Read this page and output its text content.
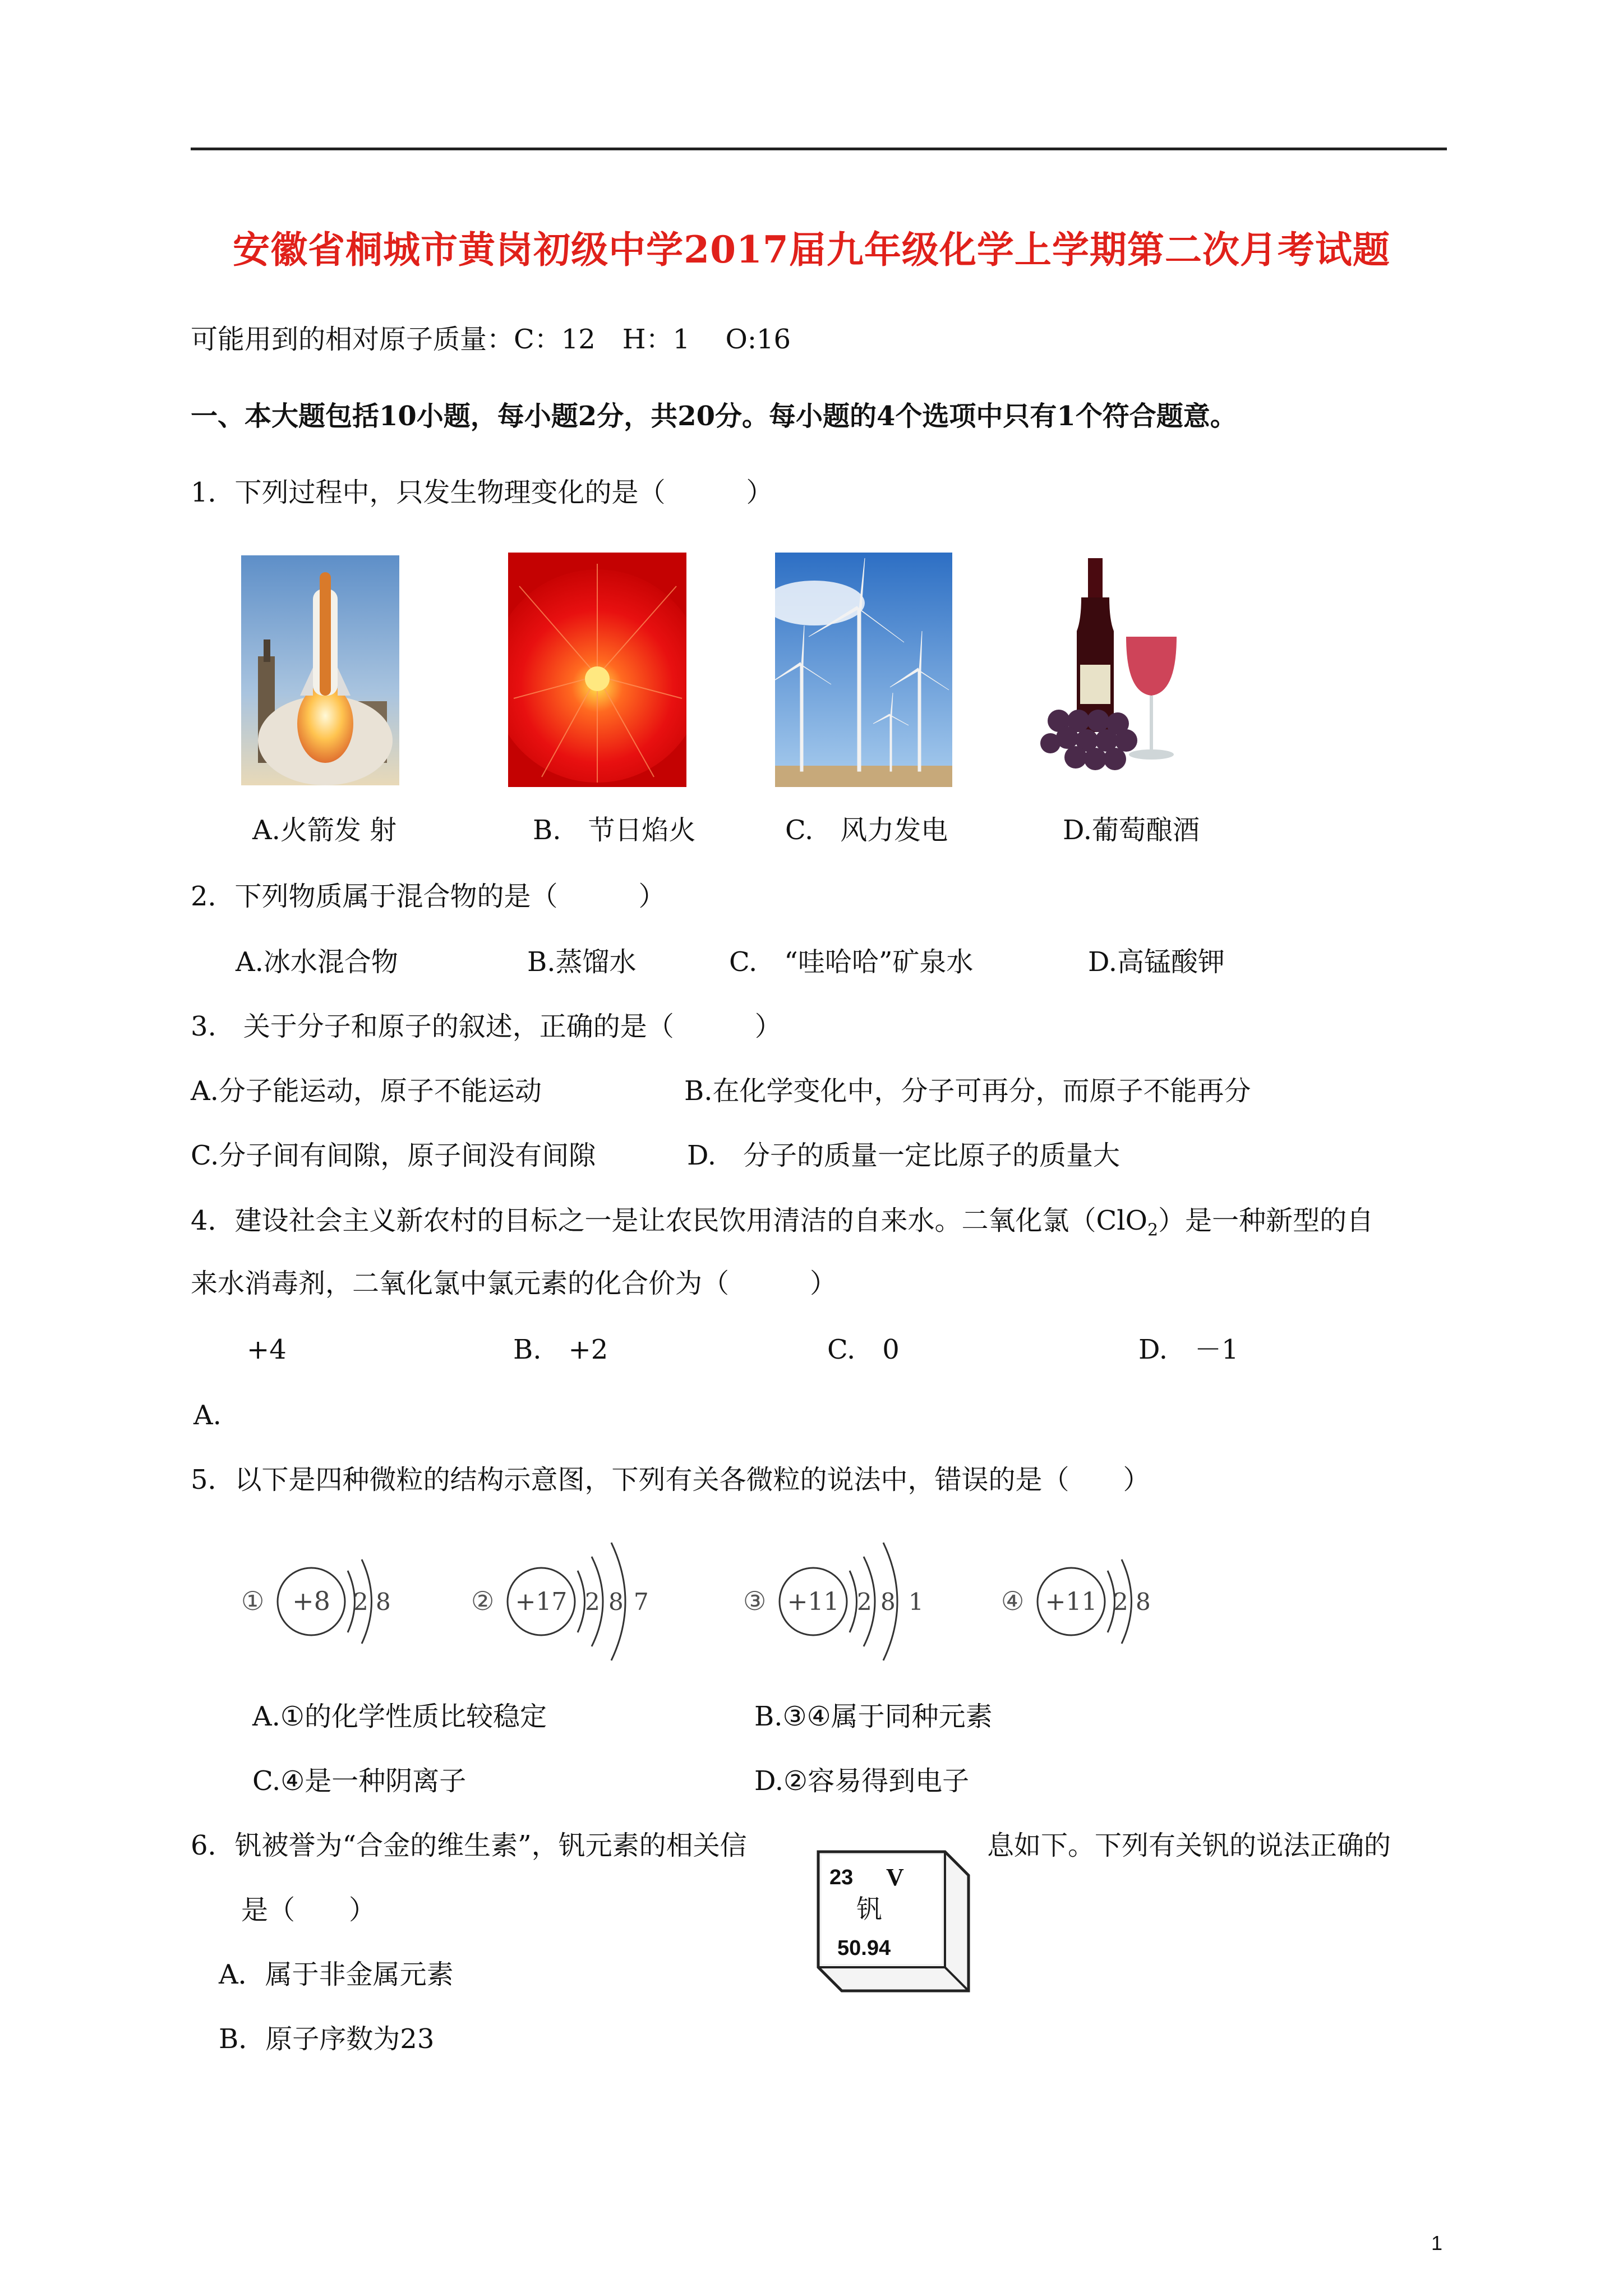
安徽省桐城市黄岗初级中学2017届九年级化学上学期第二次月考试题
可能用到的相对原子质量：C：12　H：1　 O:16
一、本大题包括10小题，每小题2分，共20分。每小题的4个选项中只有1个符合题意。
1．下列过程中，只发生物理变化的是（　　　）
A.火箭发 射	B.　节日焰火	C.　风力发电	D.葡萄酿酒
2．下列物质属于混合物的是（　　　）
A.冰水混合物	B.蒸馏水	C.　“哇哈哈”矿泉水	D.高锰酸钾
3.　关于分子和原子的叙述，正确的是（　　　）
A.分子能运动，原子不能运动	B.在化学变化中，分子可再分，而原子不能再分
C.分子间有间隙，原子间没有间隙	D.　分子的质量一定比原子的质量大
4．建设社会主义新农村的目标之一是让农民饮用清洁的自来水。二氧化氯（ClO$_2$）是一种新型的自
来水消毒剂，二氧化氯中氯元素的化合价为（　　　）
+4	B.　+2	C.　0	D.　－1
A.
5．以下是四种微粒的结构示意图，下列有关各微粒的说法中，错误的是（　　）
① +8 2 8	② +17 2 8 7	③ +11 2 8 1	④ +11 2 8
A.①的化学性质比较稳定	B.③④属于同种元素
C.④是一种阴离子	D.②容易得到电子
6．钒被誉为“合金的维生素”，钒元素的相关信	息如下。下列有关钒的说法正确的
是（　　）
23 V
钒
50.94
A．属于非金属元素
B．原子序数为23
1
